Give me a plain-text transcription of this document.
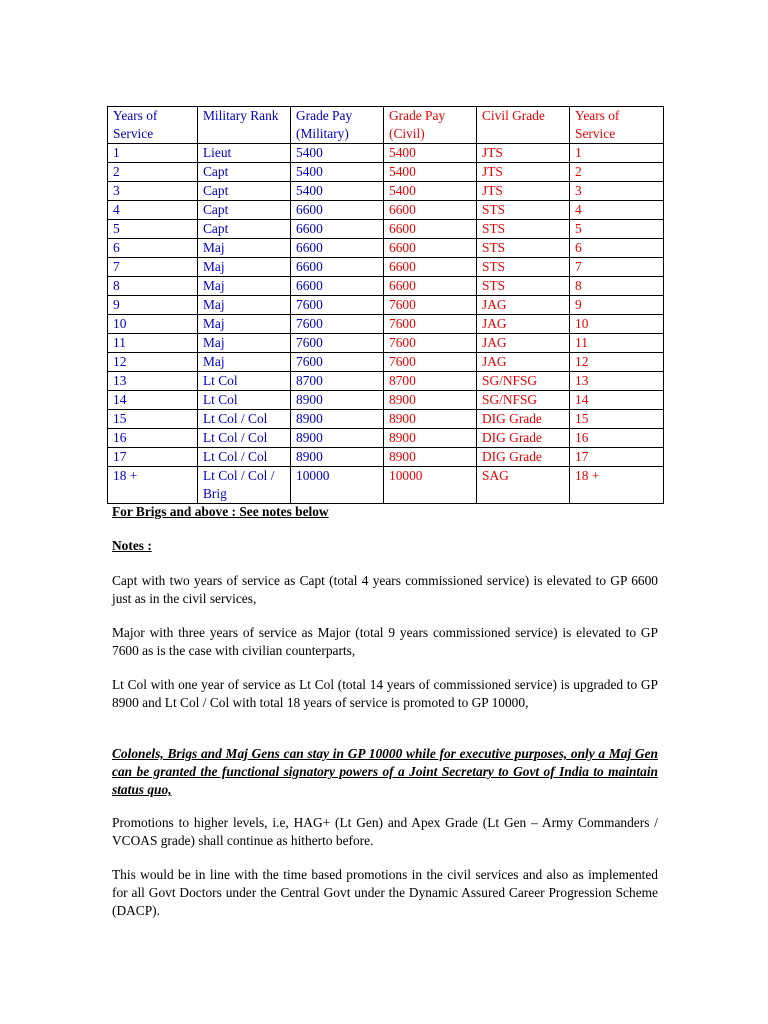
Years of Service	Military Rank	Grade Pay (Military)	Grade Pay (Civil)	Civil Grade	Years of Service
1	Lieut	5400	5400	JTS	1
2	Capt	5400	5400	JTS	2
3	Capt	5400	5400	JTS	3
4	Capt	6600	6600	STS	4
5	Capt	6600	6600	STS	5
6	Maj	6600	6600	STS	6
7	Maj	6600	6600	STS	7
8	Maj	6600	6600	STS	8
9	Maj	7600	7600	JAG	9
10	Maj	7600	7600	JAG	10
11	Maj	7600	7600	JAG	11
12	Maj	7600	7600	JAG	12
13	Lt Col	8700	8700	SG/NFSG	13
14	Lt Col	8900	8900	SG/NFSG	14
15	Lt Col / Col	8900	8900	DIG Grade	15
16	Lt Col / Col	8900	8900	DIG Grade	16
17	Lt Col / Col	8900	8900	DIG Grade	17
18 +	Lt Col / Col / Brig	10000	10000	SAG	18 +
For Brigs and above : See notes below
Notes :
Capt with two years of service as Capt (total 4 years commissioned service) is elevated to GP 6600 just as in the civil services,
Major with three years of service as Major (total 9 years commissioned service) is elevated to GP 7600 as is the case with civilian counterparts,
Lt Col with one year of service as Lt Col (total 14 years of commissioned service) is upgraded to GP 8900 and Lt Col / Col with total 18 years of service is promoted to GP 10000,
Colonels, Brigs and Maj Gens can stay in GP 10000 while for executive purposes, only a Maj Gen can be granted the functional signatory powers of a Joint Secretary to Govt of India to maintain status quo,
Promotions to higher levels, i.e, HAG+ (Lt Gen) and Apex Grade (Lt Gen – Army Commanders / VCOAS grade) shall continue as hitherto before.
This would be in line with the time based promotions in the civil services and also as implemented for all Govt Doctors under the Central Govt under the Dynamic Assured Career Progression Scheme (DACP).
